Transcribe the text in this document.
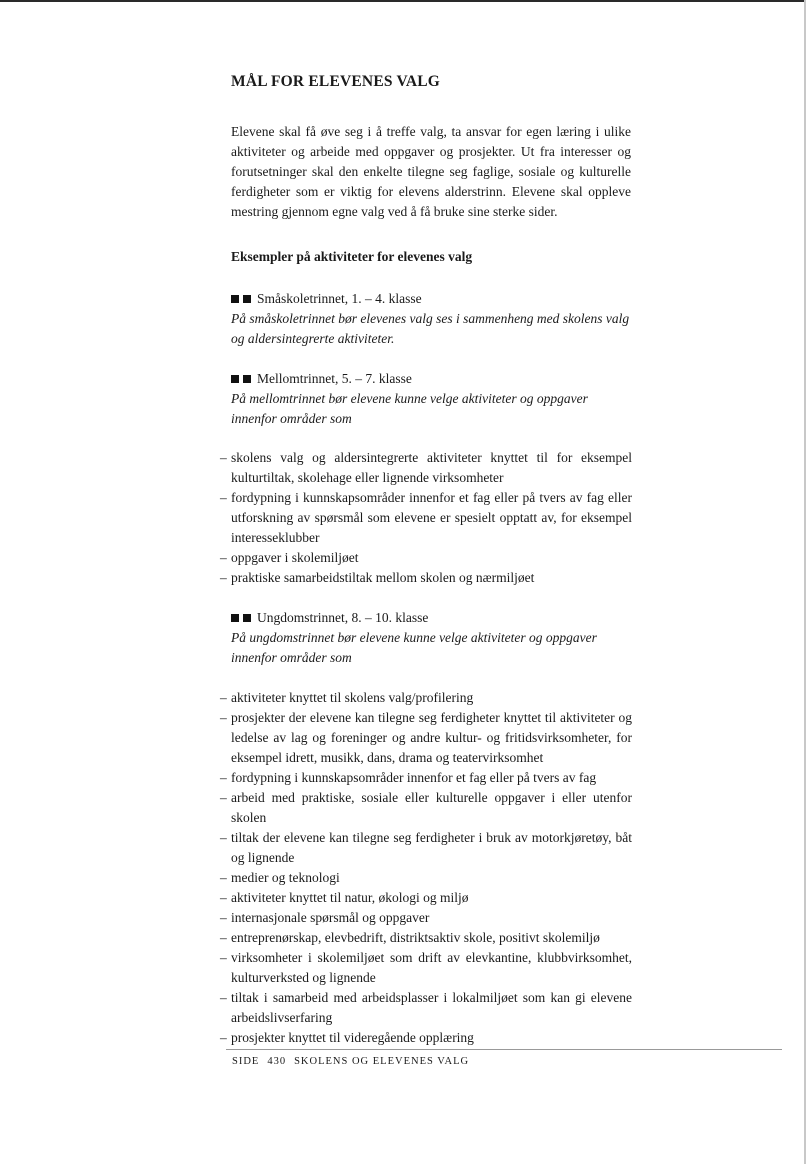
MÅL FOR ELEVENES VALG

Elevene skal få øve seg i å treffe valg, ta ansvar for egen læring i ulike aktiviteter og arbeide med oppgaver og prosjekter. Ut fra interesser og forutsetninger skal den enkelte tilegne seg faglige, sosiale og kulturelle ferdigheter som er viktig for elevens alderstrinn. Elevene skal oppleve mestring gjennom egne valg ved å få bruke sine sterke sider.

Eksempler på aktiviteter for elevenes valg
Småskoletrinnet, 1. – 4. klasse
På småskoletrinnet bør elevenes valg ses i sammenheng med skolens valg og aldersintegrerte aktiviteter.
Mellomtrinnet, 5. – 7. klasse
På mellomtrinnet bør elevene kunne velge aktiviteter og oppgaver innenfor områder som
– skolens valg og aldersintegrerte aktiviteter knyttet til for eksempel kulturtiltak, skolehage eller lignende virksomheter
– fordypning i kunnskapsområder innenfor et fag eller på tvers av fag eller utforskning av spørsmål som elevene er spesielt opptatt av, for eksempel interesseklubber
– oppgaver i skolemiljøet
– praktiske samarbeidstiltak mellom skolen og nærmiljøet
Ungdomstrinnet, 8. – 10. klasse
På ungdomstrinnet bør elevene kunne velge aktiviteter og oppgaver innenfor områder som
– aktiviteter knyttet til skolens valg/profilering
– prosjekter der elevene kan tilegne seg ferdigheter knyttet til aktiviteter og ledelse av lag og foreninger og andre kultur- og fritidsvirksomheter, for eksempel idrett, musikk, dans, drama og teatervirksomhet
– fordypning i kunnskapsområder innenfor et fag eller på tvers av fag
– arbeid med praktiske, sosiale eller kulturelle oppgaver i eller utenfor skolen
– tiltak der elevene kan tilegne seg ferdigheter i bruk av motorkjøretøy, båt og lignende
– medier og teknologi
– aktiviteter knyttet til natur, økologi og miljø
– internasjonale spørsmål og oppgaver
– entreprenørskap, elevbedrift, distriktsaktiv skole, positivt skolemiljø
– virksomheter i skolemiljøet som drift av elevkantine, klubbvirksomhet, kulturverksted og lignende
– tiltak i samarbeid med arbeidsplasser i lokalmiljøet som kan gi elevene arbeidslivserfaring
– prosjekter knyttet til videregående opplæring
SIDE 430 SKOLENS OG ELEVENES VALG
